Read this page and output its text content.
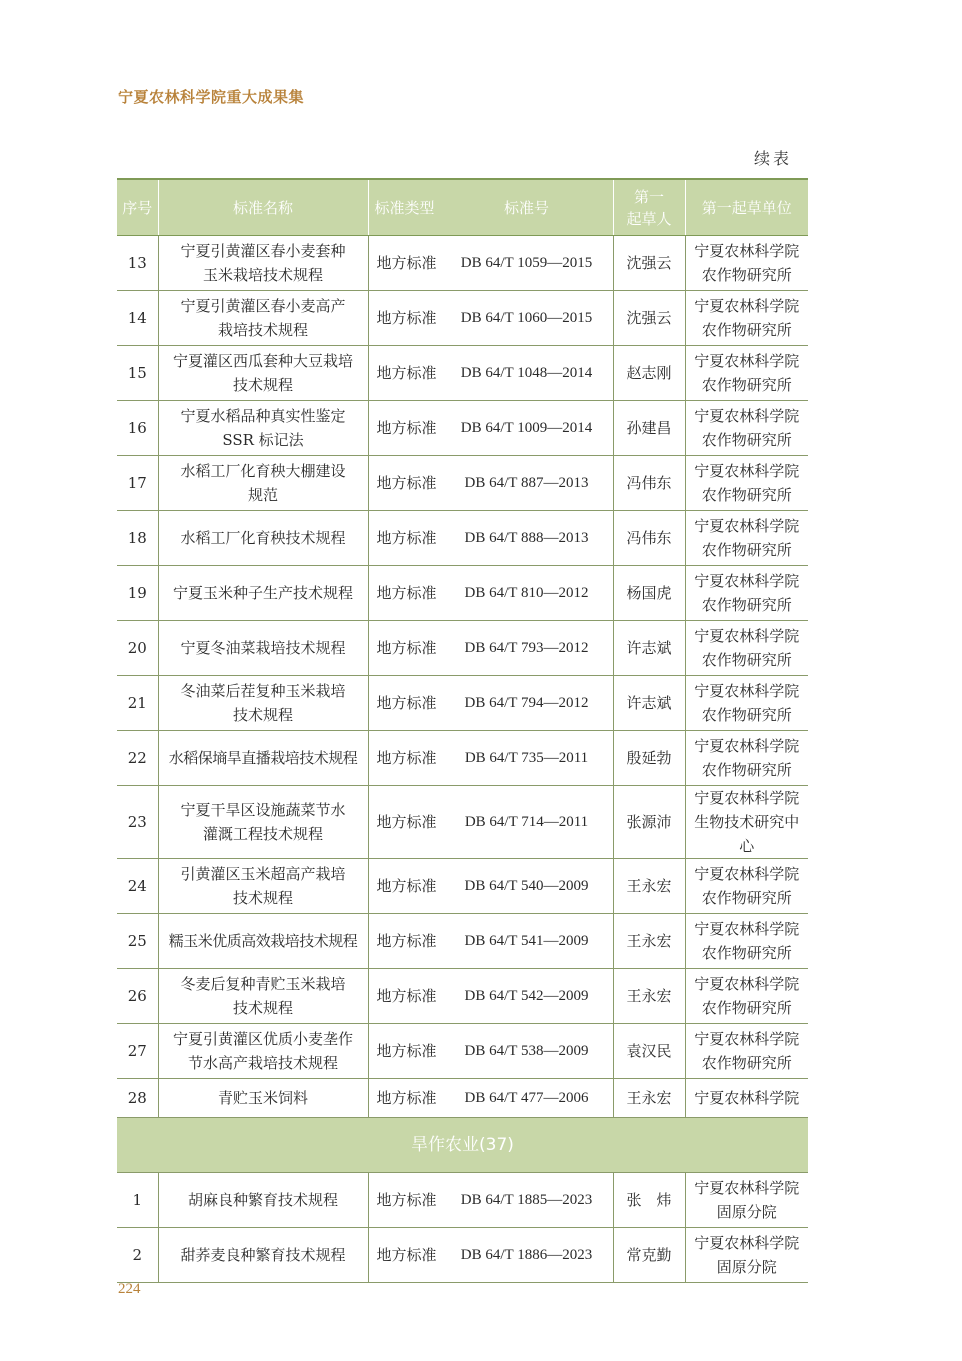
宁夏农林科学院重大成果集
续表
序号	标准名称	标准类型 标准号	第一
起草人	第一起草单位
13	宁夏引黄灌区春小麦套种
玉米栽培技术规程	地方标准 DB 64/T 1059—2015	沈强云	宁夏农林科学院
农作物研究所
14	宁夏引黄灌区春小麦高产
栽培技术规程	地方标准 DB 64/T 1060—2015	沈强云	宁夏农林科学院
农作物研究所
15	宁夏灌区西瓜套种大豆栽培
技术规程	地方标准 DB 64/T 1048—2014	赵志刚	宁夏农林科学院
农作物研究所
16	宁夏水稻品种真实性鉴定
SSR 标记法	地方标准 DB 64/T 1009—2014	孙建昌	宁夏农林科学院
农作物研究所
17	水稻工厂化育秧大棚建设
规范	地方标准 DB 64/T 887—2013	冯伟东	宁夏农林科学院
农作物研究所
18	水稻工厂化育秧技术规程	地方标准 DB 64/T 888—2013	冯伟东	宁夏农林科学院
农作物研究所
19	宁夏玉米种子生产技术规程	地方标准 DB 64/T 810—2012	杨国虎	宁夏农林科学院
农作物研究所
20	宁夏冬油菜栽培技术规程	地方标准 DB 64/T 793—2012	许志斌	宁夏农林科学院
农作物研究所
21	冬油菜后茬复种玉米栽培
技术规程	地方标准 DB 64/T 794—2012	许志斌	宁夏农林科学院
农作物研究所
22	水稻保墒旱直播栽培技术规程	地方标准 DB 64/T 735—2011	殷延勃	宁夏农林科学院
农作物研究所
23	宁夏干旱区设施蔬菜节水
灌溉工程技术规程	地方标准 DB 64/T 714—2011	张源沛	宁夏农林科学院
生物技术研究中心
24	引黄灌区玉米超高产栽培
技术规程	地方标准 DB 64/T 540—2009	王永宏	宁夏农林科学院
农作物研究所
25	糯玉米优质高效栽培技术规程	地方标准 DB 64/T 541—2009	王永宏	宁夏农林科学院
农作物研究所
26	冬麦后复种青贮玉米栽培
技术规程	地方标准 DB 64/T 542—2009	王永宏	宁夏农林科学院
农作物研究所
27	宁夏引黄灌区优质小麦垄作
节水高产栽培技术规程	地方标准 DB 64/T 538—2009	袁汉民	宁夏农林科学院
农作物研究所
28	青贮玉米饲料	地方标准 DB 64/T 477—2006	王永宏	宁夏农林科学院
旱作农业(37)				
1	胡麻良种繁育技术规程	地方标准 DB 64/T 1885—2023	张　炜	宁夏农林科学院
固原分院
2	甜荞麦良种繁育技术规程	地方标准 DB 64/T 1886—2023	常克勤	宁夏农林科学院
固原分院
224
